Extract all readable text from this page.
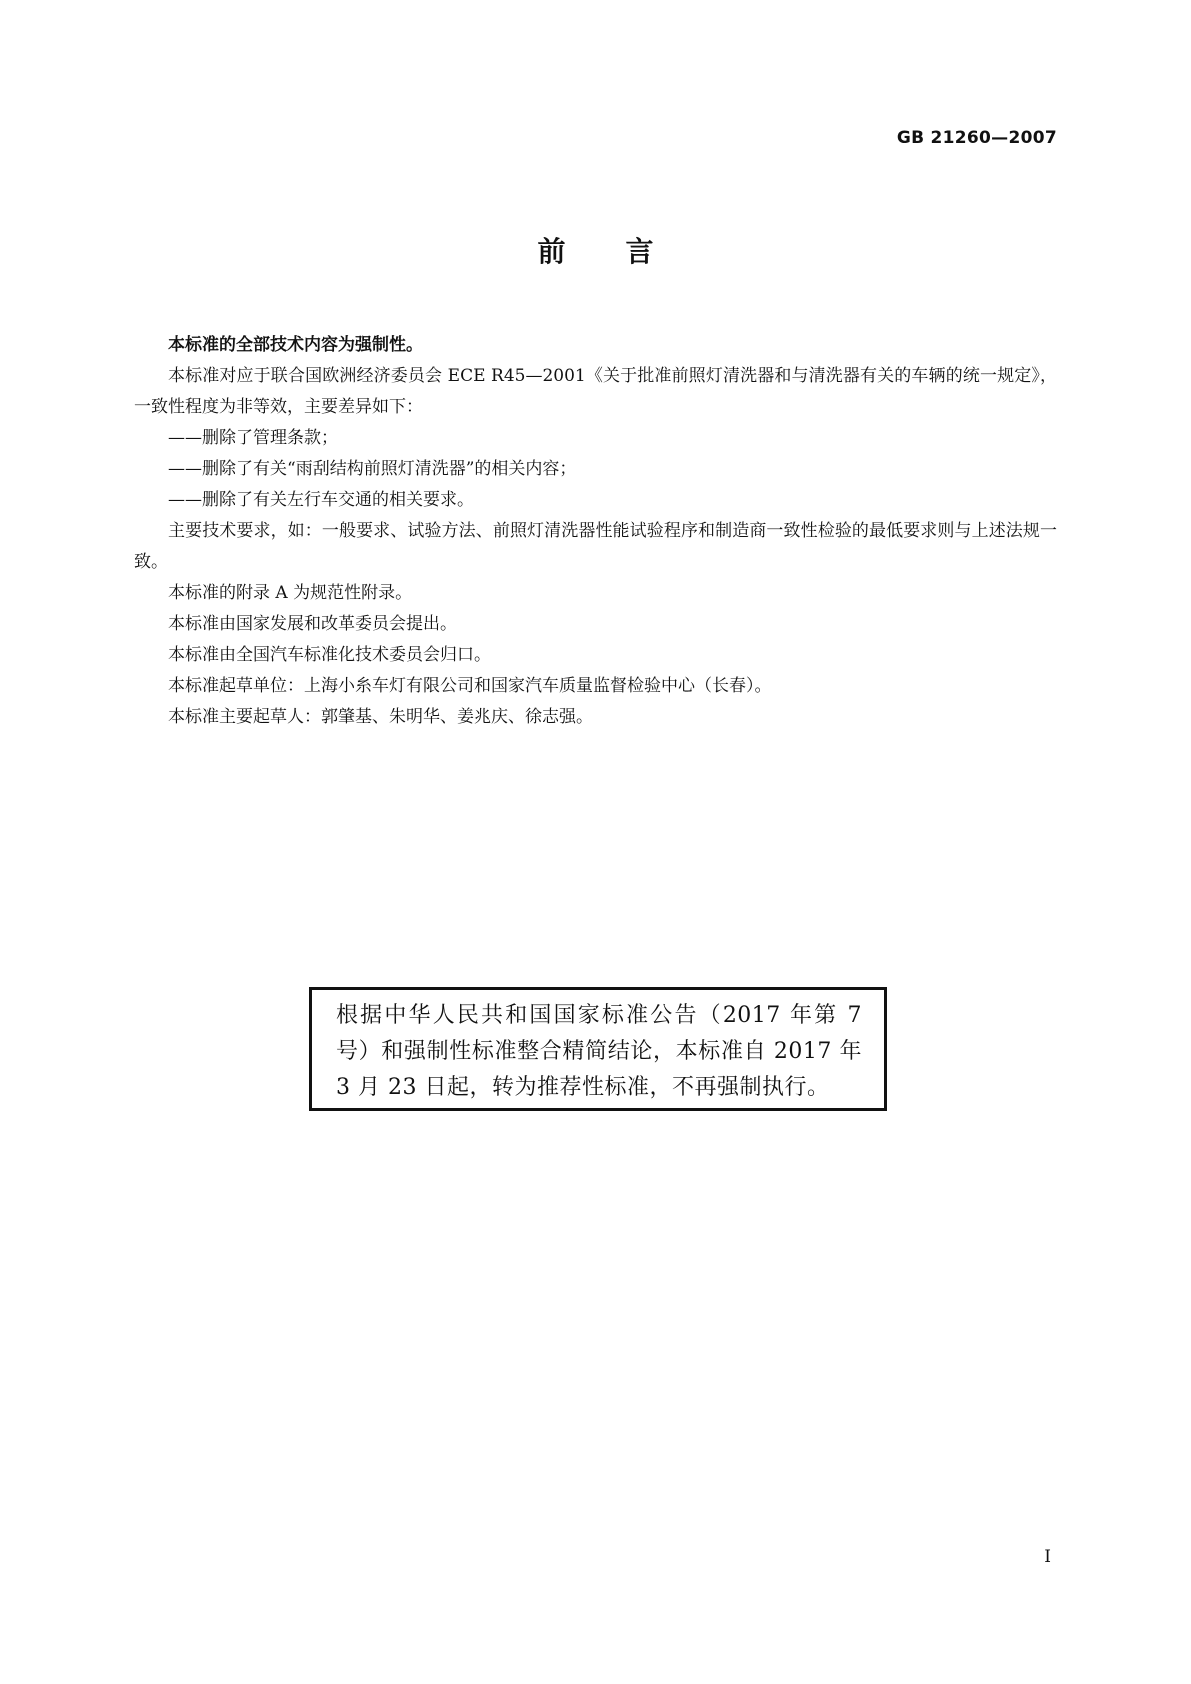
GB 21260—2007
前言

本标准的全部技术内容为强制性。

本标准对应于联合国欧洲经济委员会 ECE R45—2001《关于批准前照灯清洗器和与清洗器有关的车辆的统一规定》，一致性程度为非等效，主要差异如下：

——删除了管理条款；

——删除了有关“雨刮结构前照灯清洗器”的相关内容；

——删除了有关左行车交通的相关要求。

主要技术要求，如：一般要求、试验方法、前照灯清洗器性能试验程序和制造商一致性检验的最低要求则与上述法规一致。

本标准的附录 A 为规范性附录。

本标准由国家发展和改革委员会提出。

本标准由全国汽车标准化技术委员会归口。

本标准起草单位：上海小糸车灯有限公司和国家汽车质量监督检验中心（长春）。

本标准主要起草人：郭肇基、朱明华、姜兆庆、徐志强。

根据中华人民共和国国家标准公告（2017 年第 7 号）和强制性标准整合精简结论，本标准自 2017 年 3 月 23 日起，转为推荐性标准，不再强制执行。
I
